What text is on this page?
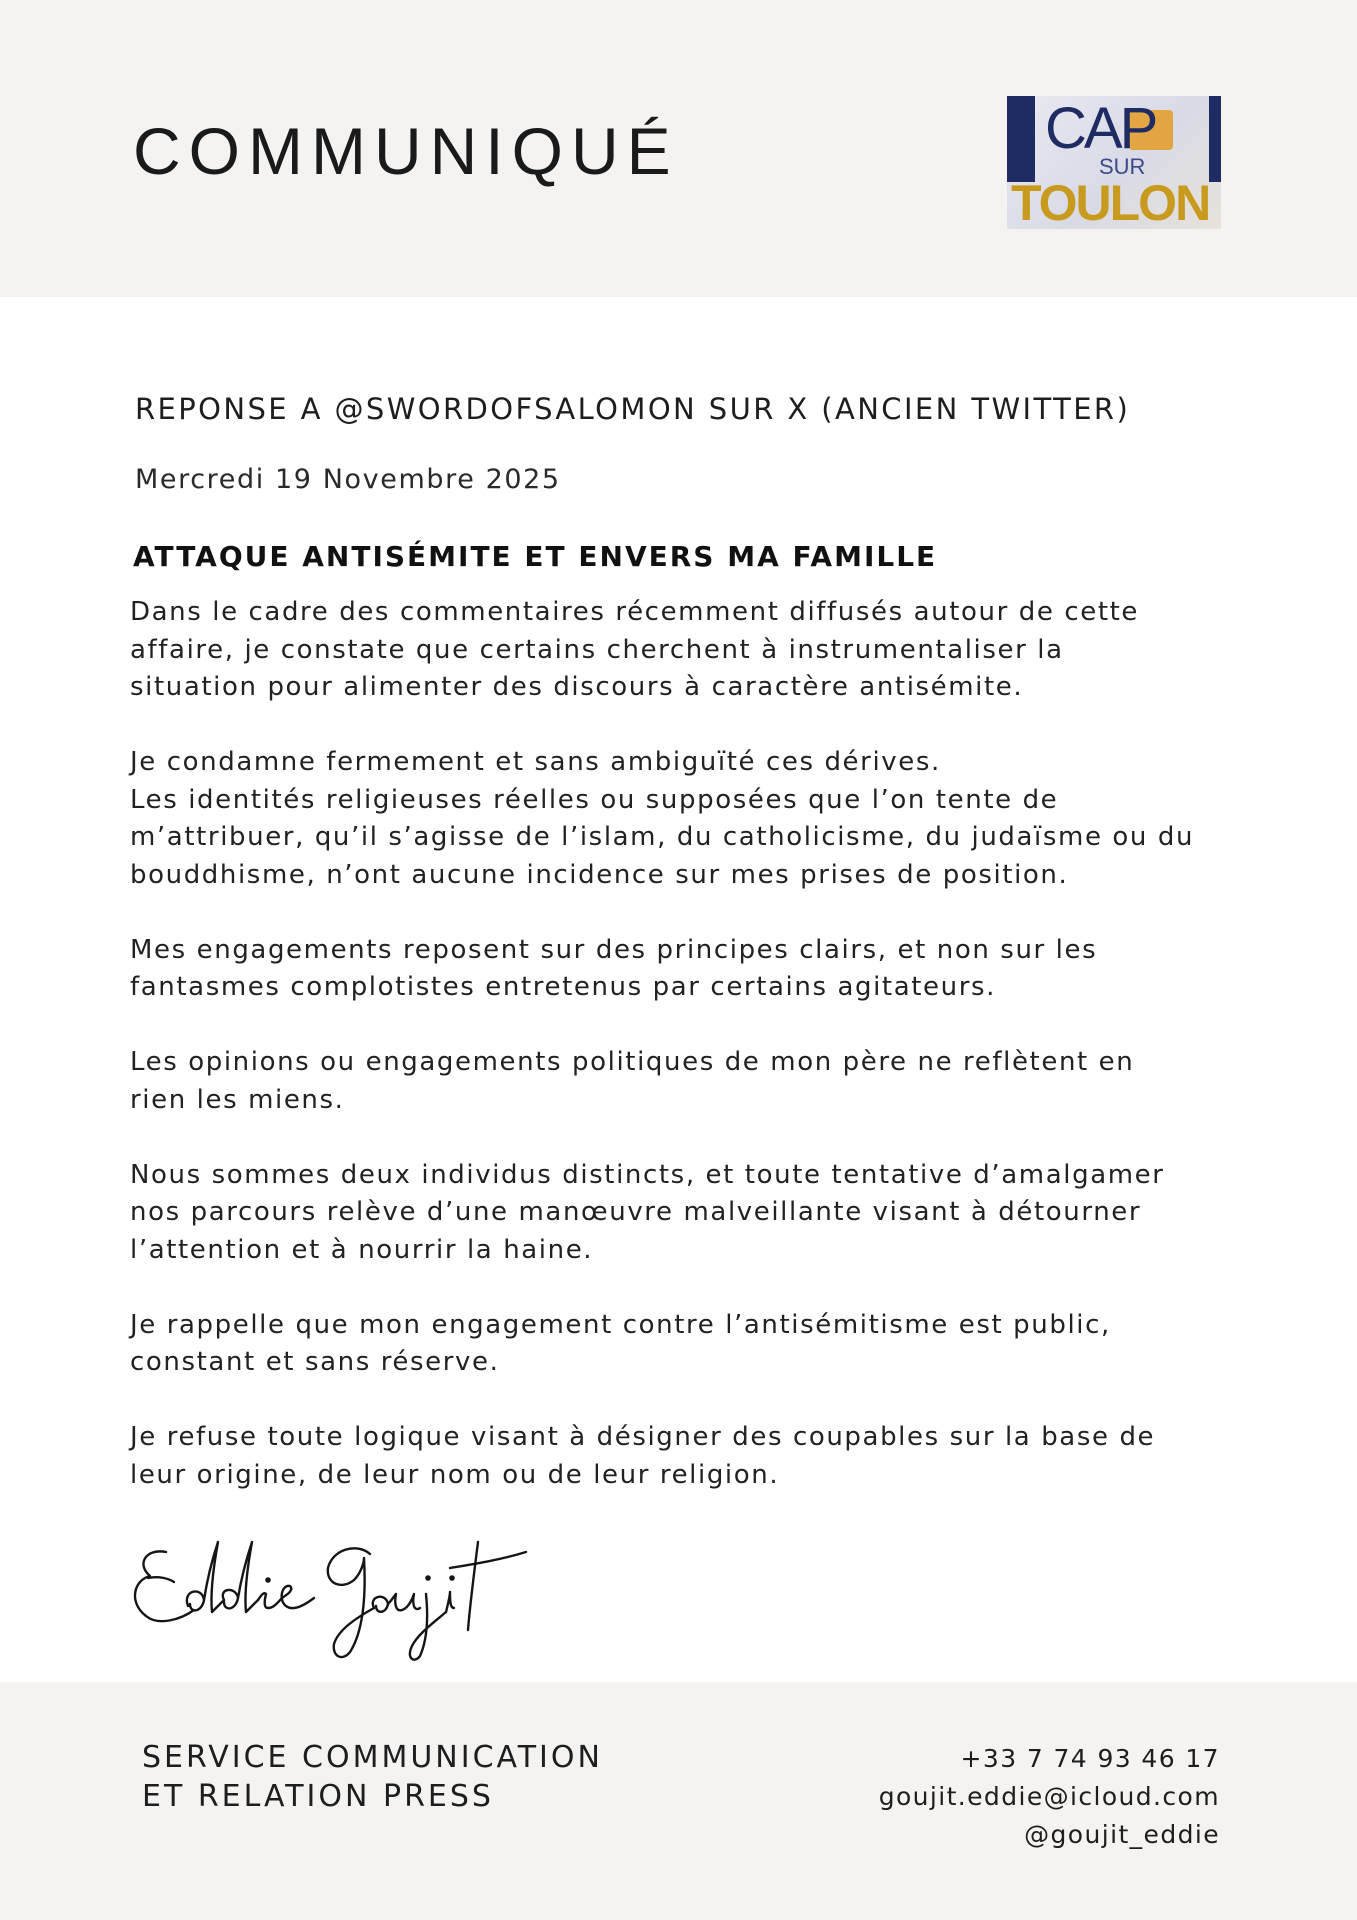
COMMUNIQUÉ	CAP
SUR
TOULON
REPONSE A @SWORDOFSALOMON SUR X (ANCIEN TWITTER)
Mercredi 19 Novembre 2025
ATTAQUE ANTISÉMITE ET ENVERS MA FAMILLE

Dans le cadre des commentaires récemment diffusés autour de cette
affaire, je constate que certains cherchent à instrumentaliser la
situation pour alimenter des discours à caractère antisémite.

Je condamne fermement et sans ambiguïté ces dérives.
Les identités religieuses réelles ou supposées que l’on tente de
m’attribuer, qu’il s’agisse de l’islam, du catholicisme, du judaïsme ou du
bouddhisme, n’ont aucune incidence sur mes prises de position.

Mes engagements reposent sur des principes clairs, et non sur les
fantasmes complotistes entretenus par certains agitateurs.

Les opinions ou engagements politiques de mon père ne reflètent en
rien les miens.

Nous sommes deux individus distincts, et toute tentative d’amalgamer
nos parcours relève d’une manœuvre malveillante visant à détourner
l’attention et à nourrir la haine.

Je rappelle que mon engagement contre l’antisémitisme est public,
constant et sans réserve.

Je refuse toute logique visant à désigner des coupables sur la base de
leur origine, de leur nom ou de leur religion.

SERVICE COMMUNICATION
ET RELATION PRESS
+33 7 74 93 46 17
goujit.eddie@icloud.com
@goujit_eddie
